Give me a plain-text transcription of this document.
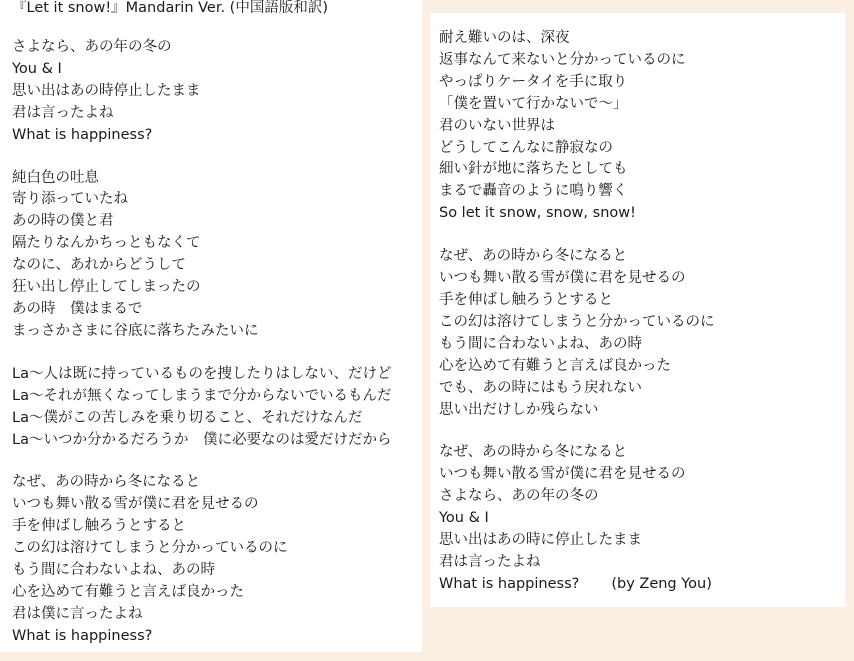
『Let it snow!』Mandarin Ver. (中国語版和訳)
さよなら、あの年の冬の
You & I
思い出はあの時停止したまま
君は言ったよね
What is happiness?
純白色の吐息
寄り添っていたね
あの時の僕と君
隔たりなんかちっともなくて
なのに、あれからどうして
狂い出し停止してしまったの
あの時　僕はまるで
まっさかさまに谷底に落ちたみたいに
La〜人は既に持っているものを捜したりはしない、だけど
La〜それが無くなってしまうまで分からないでいるもんだ
La〜僕がこの苦しみを乗り切ること、それだけなんだ
La〜いつか分かるだろうか　僕に必要なのは愛だけだから
なぜ、あの時から冬になると
いつも舞い散る雪が僕に君を見せるの
手を伸ばし触ろうとすると
この幻は溶けてしまうと分かっているのに
もう間に合わないよね、あの時
心を込めて有難うと言えば良かった
君は僕に言ったよね
What is happiness?
耐え難いのは、深夜
返事なんて来ないと分かっているのに
やっぱりケータイを手に取り
「僕を置いて行かないで〜」
君のいない世界は
どうしてこんなに静寂なの
細い針が地に落ちたとしても
まるで轟音のように鳴り響く
So let it snow, snow, snow!
なぜ、あの時から冬になると
いつも舞い散る雪が僕に君を見せるの
手を伸ばし触ろうとすると
この幻は溶けてしまうと分かっているのに
もう間に合わないよね、あの時
心を込めて有難うと言えば良かった
でも、あの時にはもう戻れない
思い出だけしか残らない
なぜ、あの時から冬になると
いつも舞い散る雪が僕に君を見せるの
さよなら、あの年の冬の
You & I
思い出はあの時に停止したまま
君は言ったよね
What is happiness? (by Zeng You)
